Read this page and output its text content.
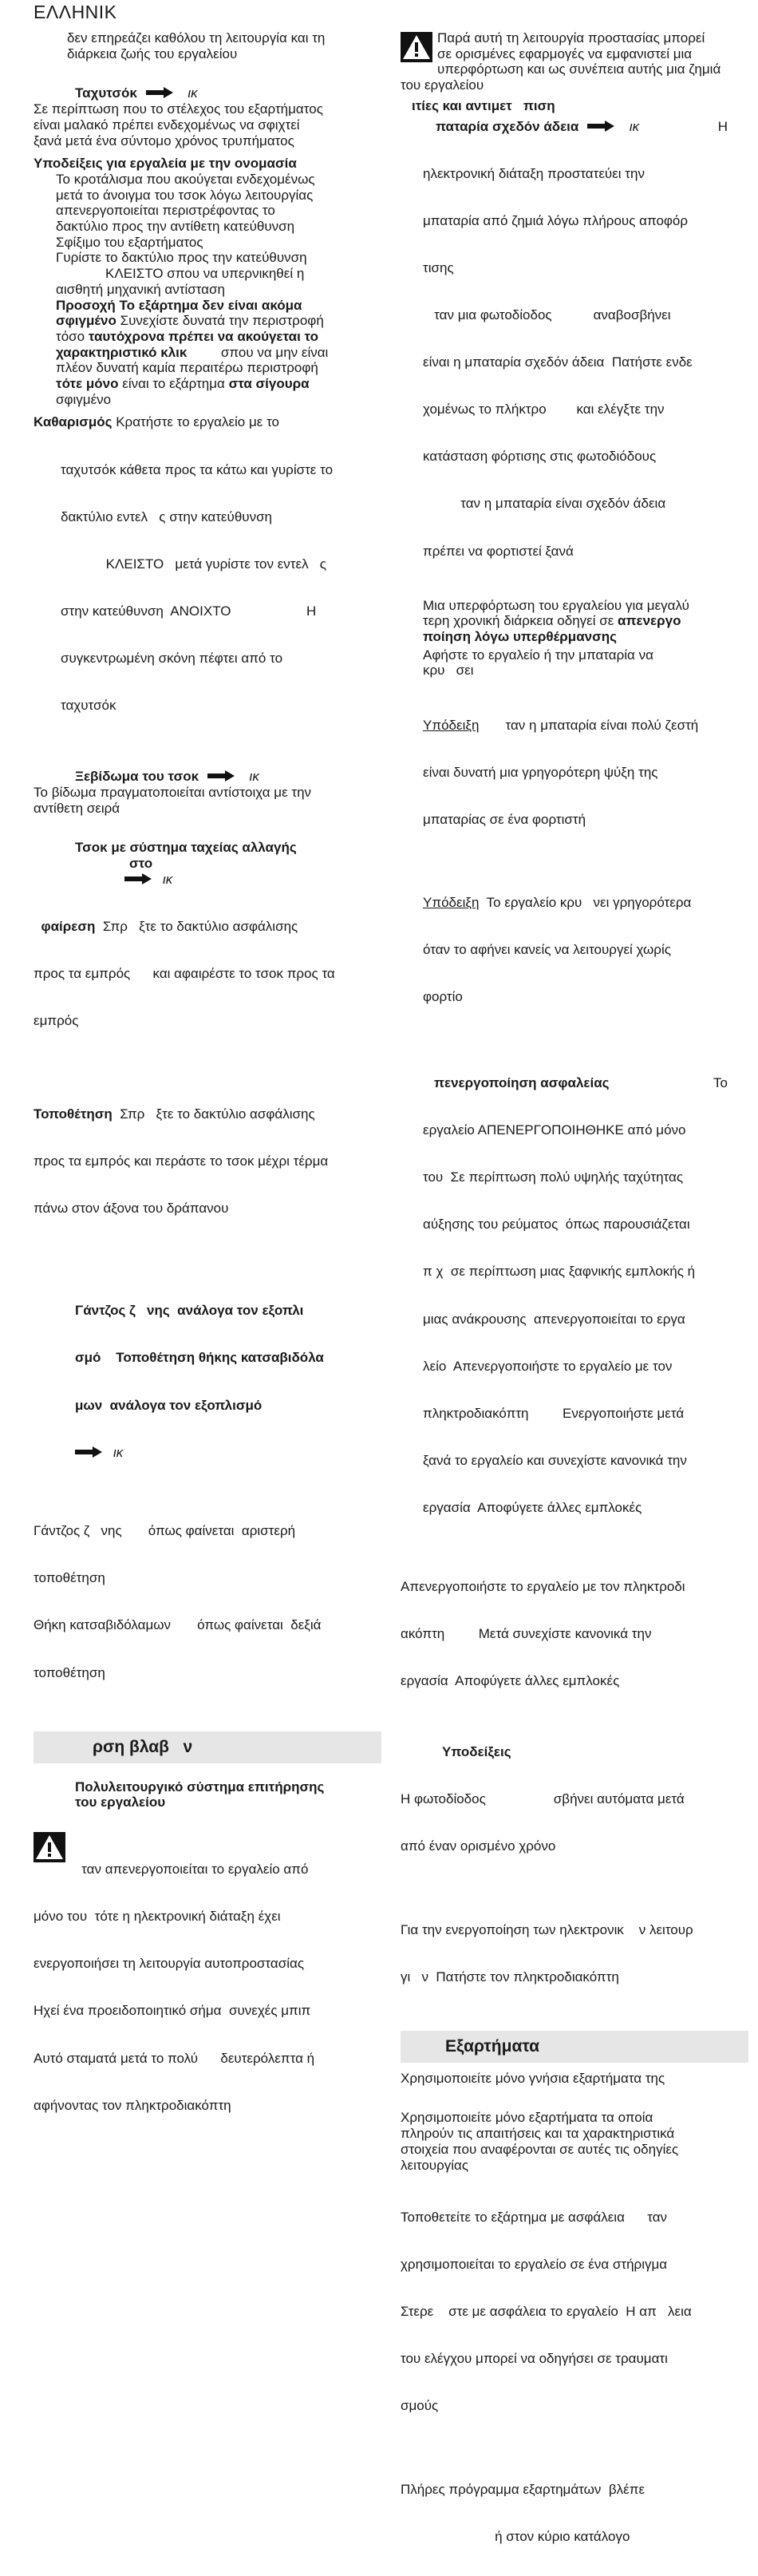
ΕΛΛΗΝΙΚ

δεν επηρεάζει καθόλου τη λειτουργία και τη

διάρκεια ζωής του εργαλείου

Ταχυτσόκ	ικ

Σε περίπτωση που το στέλεχος του εξαρτήματος

είναι μαλακό πρέπει ενδεχομένως να σφιχτεί

ξανά μετά ένα σύντομο χρόνος τρυπήματος

Υποδείξεις για εργαλεία με την ονομασία

Το κροτάλισμα που ακούγεται ενδεχομένως

μετά το άνοιγμα του τσοκ λόγω λειτουργίας

απενεργοποιείται περιστρέφοντας το

δακτύλιο προς την αντίθετη κατεύθυνση

Σφίξιμο του εξαρτήματος

Γυρίστε το δακτύλιο προς την κατεύθυνση

ΚΛΕΙΣΤΟ σπου να υπερνικηθεί η

αισθητή μηχανική αντίσταση

Προσοχή Το εξάρτημα δεν είναι ακόμα

σφιγμένο Συνεχίστε δυνατά την περιστροφή

τόσο ταυτόχρονα πρέπει να ακούγεται το

χαρακτηριστικό κλικ         σπου να μην είναι

πλέον δυνατή καμία περαιτέρω περιστροφή

τότε μόνο είναι το εξάρτημα στα σίγουρα

σφιγμένο

Καθαρισμός Κρατήστε το εργαλείο με το

ταχυτσόκ κάθετα προς τα κάτω και γυρίστε το

δακτύλιο εντελ   ς στην κατεύθυνση

ΚΛΕΙΣΤΟ   μετά γυρίστε τον εντελ   ς

στην κατεύθυνση  ΑΝΟΙΧΤΟ                    Η

συγκεντρωμένη σκόνη πέφτει από το

ταχυτσόκ

Ξεβίδωμα του τσοκ	ικ

Το βίδωμα πραγματοποιείται αντίστοιχα με την

αντίθετη σειρά

Τσοκ με σύστημα ταχείας αλλαγής

στο

ικ

φαίρεση  Σπρ   ξτε το δακτύλιο ασφάλισης

προς τα εμπρός      και αφαιρέστε το τσοκ προς τα

εμπρός

Τοποθέτηση  Σπρ   ξτε το δακτύλιο ασφάλισης

προς τα εμπρός και περάστε το τσοκ μέχρι τέρμα

πάνω στον άξονα του δράπανου

Γάντζος ζ   νης  ανάλογα τον εξοπλι

σμό    Τοποθέτηση θήκης κατσαβιδόλα

μων  ανάλογα τον εξοπλισμό

ικ

Γάντζος ζ   νης       όπως φαίνεται  αριστερή

τοποθέτηση

Θήκη κατσαβιδόλαμων       όπως φαίνεται  δεξιά

τοποθέτηση

ρση βλαβ   ν

Πολυλειτουργικό σύστημα επιτήρησης

του εργαλείου

ταν απενεργοποιείται το εργαλείο από

μόνο του  τότε η ηλεκτρονική διάταξη έχει

ενεργοποιήσει τη λειτουργία αυτοπροστασίας

Ηχεί ένα προειδοποιητικό σήμα  συνεχές μπιπ

Αυτό σταματά μετά το πολύ      δευτερόλεπτα ή

αφήνοντας τον πληκτροδιακόπτη

Παρά αυτή τη λειτουργία προστασίας μπορεί

σε ορισμένες εφαρμογές να εμφανιστεί μια

υπερφόρτωση και ως συνέπεια αυτής μια ζημιά

του εργαλείου

ιτίες και αντιμετ   πιση

παταρία σχεδόν άδεια	ικ	Η

ηλεκτρονική διάταξη προστατεύει την

μπαταρία από ζημιά λόγω πλήρους αποφόρ

τισης

ταν μια φωτοδίοδος           αναβοσβήνει

είναι η μπαταρία σχεδόν άδεια  Πατήστε ενδε

χομένως το πλήκτρο        και ελέγξτε την

κατάσταση φόρτισης στις φωτοδιόδους

ταν η μπαταρία είναι σχεδόν άδεια

πρέπει να φορτιστεί ξανά

Μια υπερφόρτωση του εργαλείου για μεγαλύ

τερη χρονική διάρκεια οδηγεί σε απενεργο

ποίηση λόγω υπερθέρμανσης

Αφήστε το εργαλείο ή την μπαταρία να

κρυ   σει

Υπόδειξη       ταν η μπαταρία είναι πολύ ζεστή

είναι δυνατή μια γρηγορότερη ψύξη της

μπαταρίας σε ένα φορτιστή

Υπόδειξη  Το εργαλείο κρυ   νει γρηγορότερα

όταν το αφήνει κανείς να λειτουργεί χωρίς

φορτίο

πενεργοποίηση ασφαλείας	Το

εργαλείο ΑΠΕΝΕΡΓΟΠΟΙΗΘΗΚΕ από μόνο

του  Σε περίπτωση πολύ υψηλής ταχύτητας

αύξησης του ρεύματος  όπως παρουσιάζεται

π χ  σε περίπτωση μιας ξαφνικής εμπλοκής ή

μιας ανάκρουσης  απενεργοποιείται το εργα

λείο  Απενεργοποιήστε το εργαλείο με τον

πληκτροδιακόπτη         Ενεργοποιήστε μετά

ξανά το εργαλείο και συνεχίστε κανονικά την

εργασία  Αποφύγετε άλλες εμπλοκές

Απενεργοποιήστε το εργαλείο με τον πληκτροδι

ακόπτη         Μετά συνεχίστε κανονικά την

εργασία  Αποφύγετε άλλες εμπλοκές

Υποδείξεις

Η φωτοδίοδος                  σβήνει αυτόματα μετά

από έναν ορισμένο χρόνο

Για την ενεργοποίηση των ηλεκτρονικ    ν λειτουρ

γι   ν  Πατήστε τον πληκτροδιακόπτη

Εξαρτήματα

Χρησιμοποιείτε μόνο γνήσια εξαρτήματα της

Χρησιμοποιείτε μόνο εξαρτήματα τα οποία

πληρούν τις απαιτήσεις και τα χαρακτηριστικά

στοιχεία που αναφέρονται σε αυτές τις οδηγίες

λειτουργίας

Τοποθετείτε το εξάρτημα με ασφάλεια      ταν

χρησιμοποιείται το εργαλείο σε ένα στήριγμα

Στερε    στε με ασφάλεια το εργαλείο  Η απ   λεια

του ελέγχου μπορεί να οδηγήσει σε τραυματι

σμούς

Πλήρες πρόγραμμα εξαρτημάτων  βλέπε

ή στον κύριο κατάλογο
